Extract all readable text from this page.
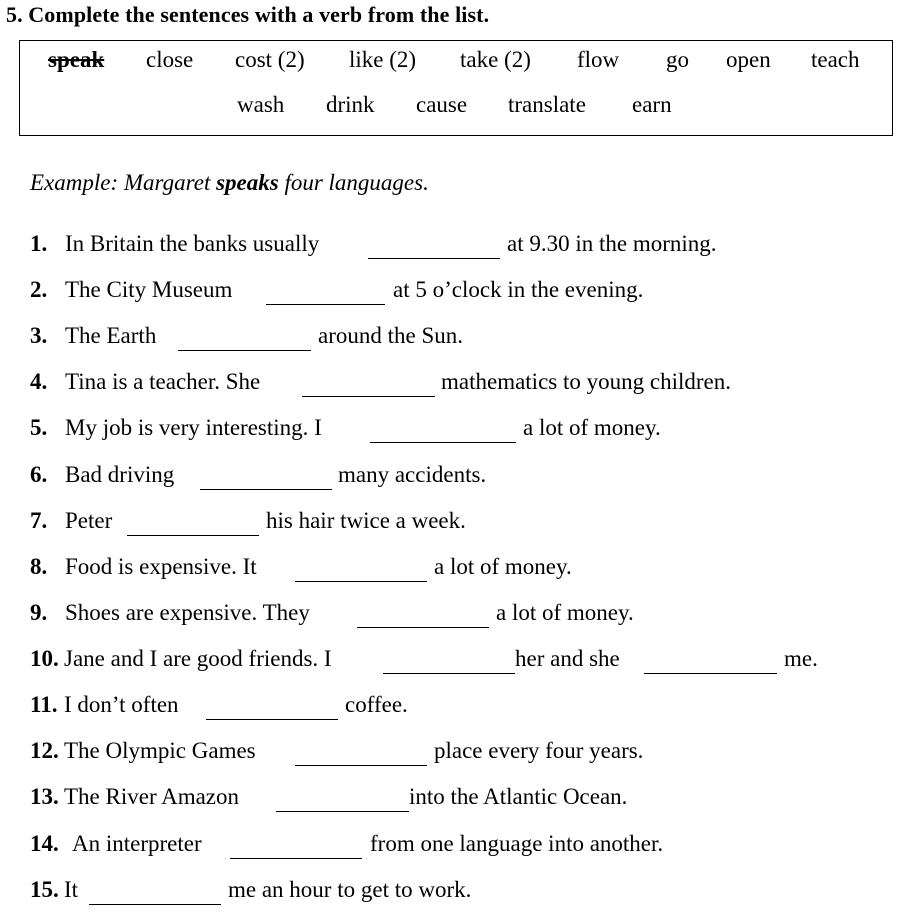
5. Complete the sentences with a verb from the list.
speak close cost (2) like (2) take (2) flow go open teach
wash drink cause translate earn
Example: Margaret speaks four languages.
1. In Britain the banks usually	at 9.30 in the morning.
2. The City Museum	at 5 o’clock in the evening.
3. The Earth	around the Sun.
4. Tina is a teacher. She	mathematics to young children.
5. My job is very interesting. I	a lot of money.
6. Bad driving	many accidents.
7. Peter	his hair twice a week.
8. Food is expensive. It	a lot of money.
9. Shoes are expensive. They	a lot of money.
10. Jane and I are good friends. I	her and she	me.
11. I don’t often	coffee.
12. The Olympic Games	place every four years.
13. The River Amazon	into the Atlantic Ocean.
14. An interpreter	from one language into another.
15. It	me an hour to get to work.
